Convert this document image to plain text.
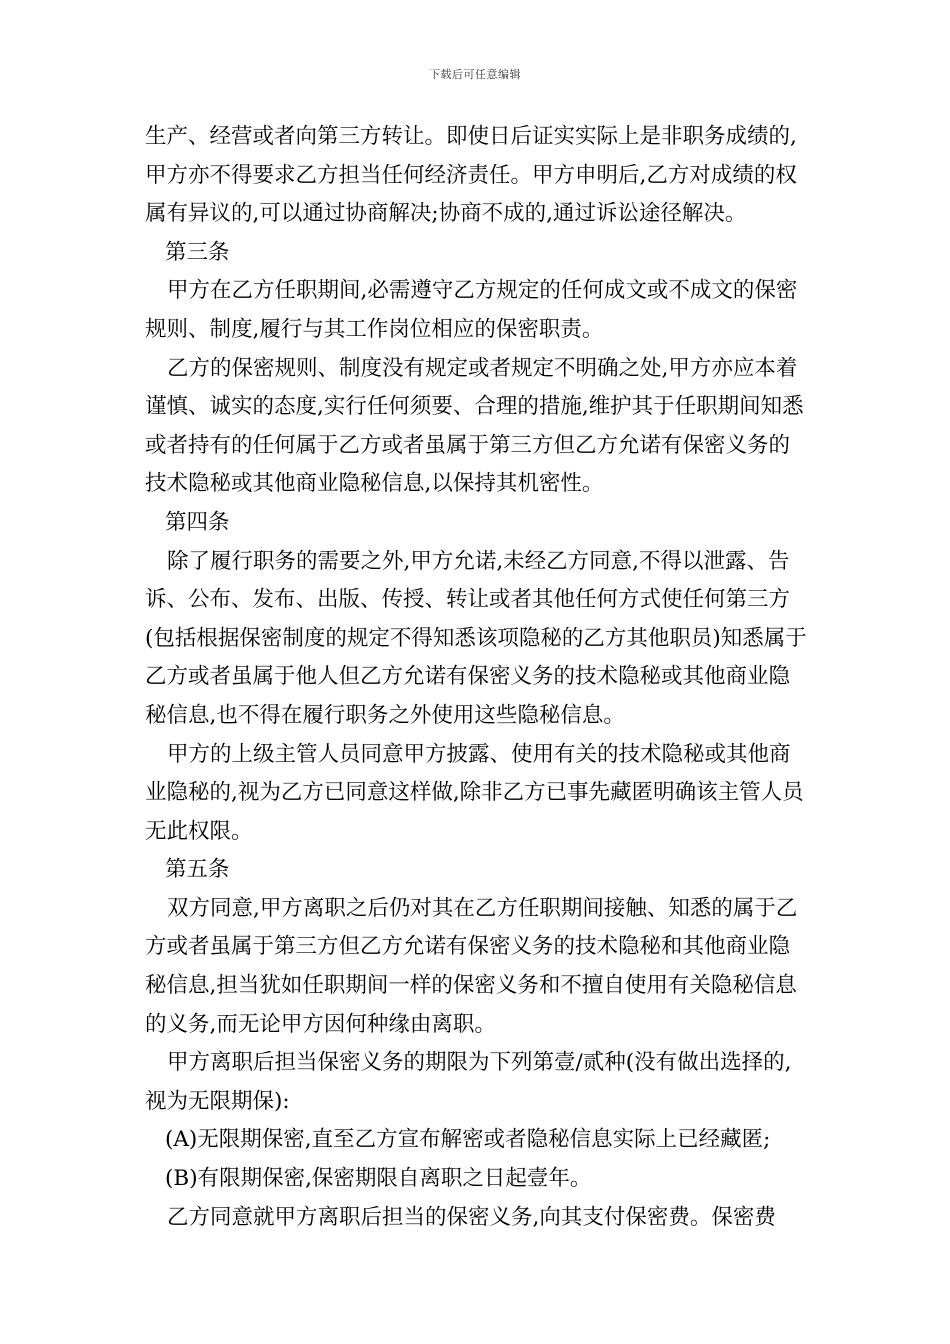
下载后可任意编辑

生产、经营或者向第三方转让。即使日后证实实际上是非职务成绩的,甲方亦不得要求乙方担当任何经济责任。甲方申明后,乙方对成绩的权属有异议的,可以通过协商解决;协商不成的,通过诉讼途径解决。

第三条

甲方在乙方任职期间,必需遵守乙方规定的任何成文或不成文的保密规则、制度,履行与其工作岗位相应的保密职责。

乙方的保密规则、制度没有规定或者规定不明确之处,甲方亦应本着谨慎、诚实的态度,实行任何须要、合理的措施,维护其于任职期间知悉或者持有的任何属于乙方或者虽属于第三方但乙方允诺有保密义务的技术隐秘或其他商业隐秘信息,以保持其机密性。

第四条

除了履行职务的需要之外,甲方允诺,未经乙方同意,不得以泄露、告诉、公布、发布、出版、传授、转让或者其他任何方式使任何第三方(包括根据保密制度的规定不得知悉该项隐秘的乙方其他职员)知悉属于乙方或者虽属于他人但乙方允诺有保密义务的技术隐秘或其他商业隐秘信息,也不得在履行职务之外使用这些隐秘信息。

甲方的上级主管人员同意甲方披露、使用有关的技术隐秘或其他商业隐秘的,视为乙方已同意这样做,除非乙方已事先藏匿明确该主管人员无此权限。

第五条

双方同意,甲方离职之后仍对其在乙方任职期间接触、知悉的属于乙方或者虽属于第三方但乙方允诺有保密义务的技术隐秘和其他商业隐秘信息,担当犹如任职期间一样的保密义务和不擅自使用有关隐秘信息的义务,而无论甲方因何种缘由离职。

甲方离职后担当保密义务的期限为下列第壹/贰种(没有做出选择的,视为无限期保):

(A)无限期保密,直至乙方宣布解密或者隐秘信息实际上已经藏匿;

(B)有限期保密,保密期限自离职之日起壹年。

乙方同意就甲方离职后担当的保密义务,向其支付保密费。保密费
